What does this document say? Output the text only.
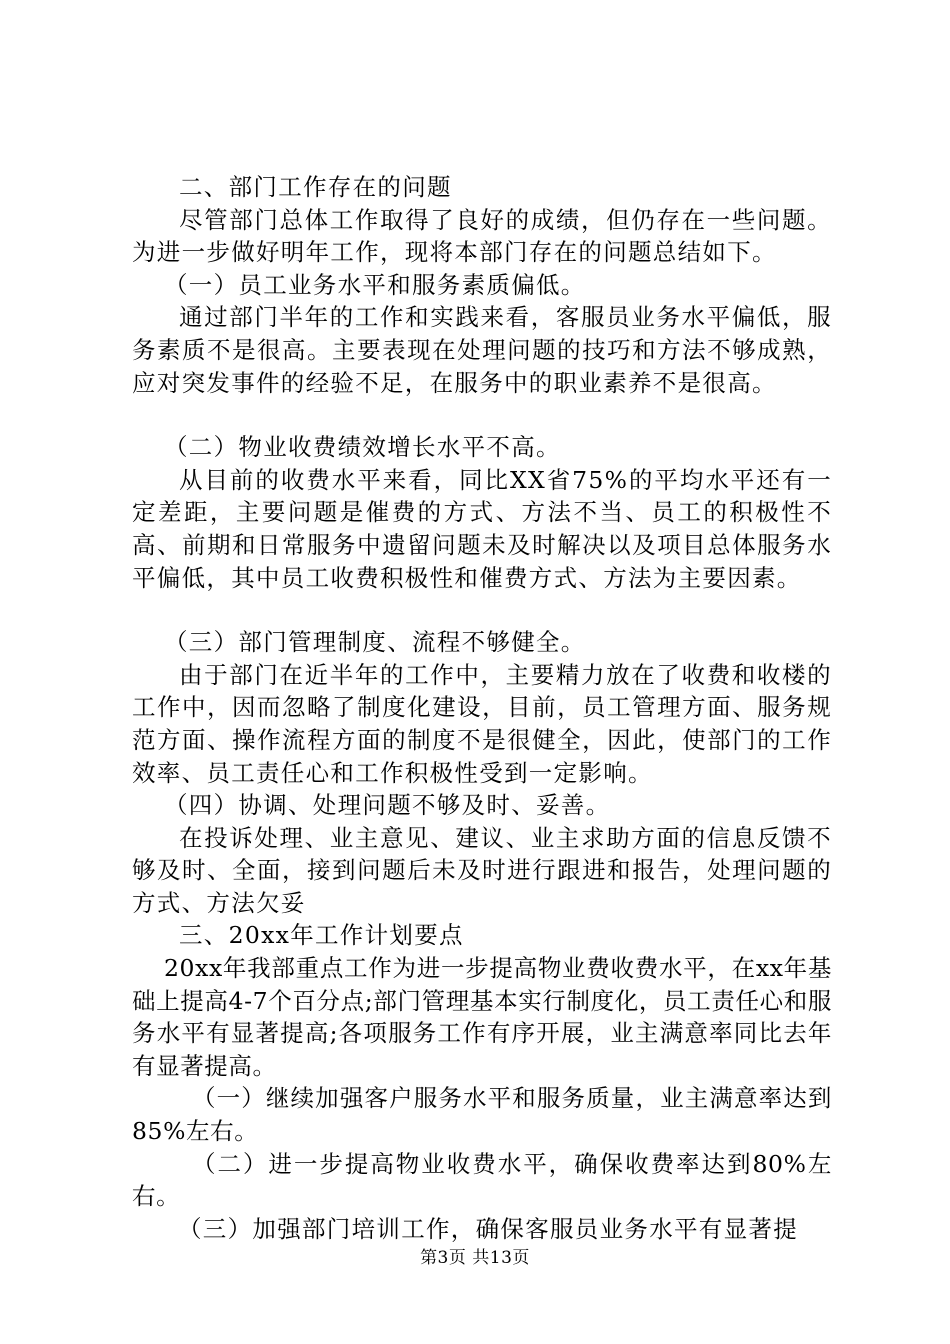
二、部门工作存在的问题

尽管部门总体工作取得了良好的成绩，但仍存在一些问题。为进一步做好明年工作，现将本部门存在的问题总结如下。

（一）员工业务水平和服务素质偏低。

通过部门半年的工作和实践来看，客服员业务水平偏低，服务素质不是很高。主要表现在处理问题的技巧和方法不够成熟，应对突发事件的经验不足，在服务中的职业素养不是很高。

（二）物业收费绩效增长水平不高。

从目前的收费水平来看，同比XX省75%的平均水平还有一定差距，主要问题是催费的方式、方法不当、员工的积极性不高、前期和日常服务中遗留问题未及时解决以及项目总体服务水平偏低，其中员工收费积极性和催费方式、方法为主要因素。

（三）部门管理制度、流程不够健全。

由于部门在近半年的工作中，主要精力放在了收费和收楼的工作中，因而忽略了制度化建设，目前，员工管理方面、服务规范方面、操作流程方面的制度不是很健全，因此，使部门的工作效率、员工责任心和工作积极性受到一定影响。

（四）协调、处理问题不够及时、妥善。

在投诉处理、业主意见、建议、业主求助方面的信息反馈不够及时、全面，接到问题后未及时进行跟进和报告，处理问题的方式、方法欠妥

三、20xx年工作计划要点

20xx年我部重点工作为进一步提高物业费收费水平，在xx年基础上提高4-7个百分点;部门管理基本实行制度化，员工责任心和服务水平有显著提高;各项服务工作有序开展，业主满意率同比去年有显著提高。

（一）继续加强客户服务水平和服务质量，业主满意率达到85%左右。

（二）进一步提高物业收费水平，确保收费率达到80%左右。

（三）加强部门培训工作，确保客服员业务水平有显著提

第3页 共13页
